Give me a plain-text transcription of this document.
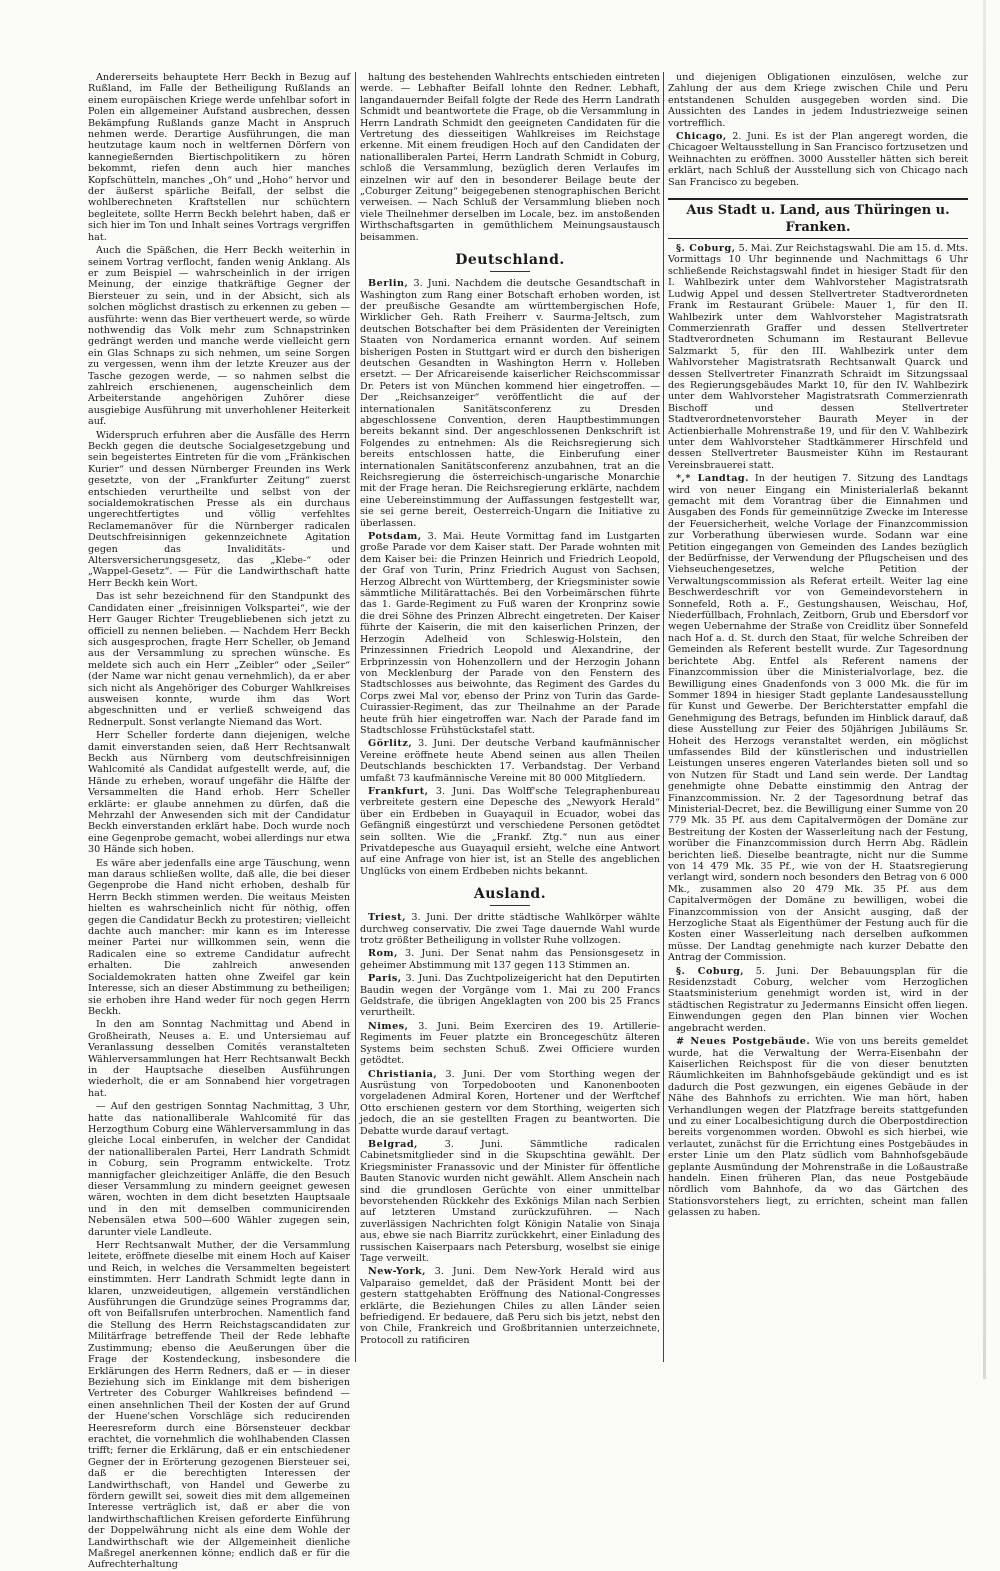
Andererseits behauptete Herr Beckh in Bezug auf Rußland, im Falle der Betheiligung Rußlands an einem europäischen Kriege werde unfehlbar sofort in Polen ein allgemeiner Aufstand ausbrechen, dessen Bekämpfung Rußlands ganze Macht in Anspruch nehmen werde. Derartige Ausführungen, die man heutzutage kaum noch in weltfernen Dörfern von kannegießernden Biertischpolitikern zu hören bekommt, riefen denn auch hier manches Kopfschütteln, manches „Oh“ und „Hoho“ hervor und der äußerst spärliche Beifall, der selbst die wohlberechneten Kraftstellen nur schüchtern begleitete, sollte Herrn Beckh belehrt haben, daß er sich hier im Ton und Inhalt seines Vortrags vergriffen hat.

Auch die Späßchen, die Herr Beckh weiterhin in seinem Vortrag verflocht, fanden wenig Anklang. Als er zum Beispiel — wahrscheinlich in der irrigen Meinung, der einzige thatkräftige Gegner der Biersteuer zu sein, und in der Absicht, sich als solchen möglichst drastisch zu erkennen zu geben — ausführte: wenn das Bier vertheuert werde, so würde nothwendig das Volk mehr zum Schnapstrinken gedrängt werden und manche werde vielleicht gern ein Glas Schnaps zu sich nehmen, um seine Sorgen zu vergessen, wenn ihm der letzte Kreuzer aus der Tasche gezogen werde, — so nahmen selbst die zahlreich erschienenen, augenscheinlich dem Arbeiterstande angehörigen Zuhörer diese ausgiebige Ausführung mit unverhohlener Heiterkeit auf.

Widerspruch erfuhren aber die Ausfälle des Herrn Beckh gegen die deutsche Socialgesetzgebung und sein begeistertes Eintreten für die vom „Fränkischen Kurier“ und dessen Nürnberger Freunden ins Werk gesetzte, von der „Frankfurter Zeitung“ zuerst entschieden verurtheilte und selbst von der socialdemokratischen Presse als ein durchaus ungerechtfertigtes und völlig verfehltes Reclamemanöver für die Nürnberger radicalen Deutschfreisinnigen gekennzeichnete Agitation gegen das Invaliditäts- und Altersversicherungsgesetz, das „Klebe-“ oder „Wappel-Gesetz“. — Für die Landwirthschaft hatte Herr Beckh kein Wort.

Das ist sehr bezeichnend für den Standpunkt des Candidaten einer „freisinnigen Volkspartei“, wie der Herr Gauger Richter Treugebliebenen sich jetzt zu officiell zu nennen belieben. — Nachdem Herr Beckh sich ausgesprochen, fragte Herr Scheller, ob Jemand aus der Versammlung zu sprechen wünsche. Es meldete sich auch ein Herr „Zeibler“ oder „Seiler“ (der Name war nicht genau vernehmlich), da er aber sich nicht als Angehöriger des Coburger Wahlkreises ausweisen konnte, wurde ihm das Wort abgeschnitten und er verließ schweigend das Rednerpult. Sonst verlangte Niemand das Wort.

Herr Scheller forderte dann diejenigen, welche damit einverstanden seien, daß Herr Rechtsanwalt Beckh aus Nürnberg vom deutschfreisinnigen Wahlcomité als Candidat aufgestellt werde, auf, die Hände zu erheben, worauf ungefähr die Hälfte der Versammelten die Hand erhob. Herr Scheller erklärte: er glaube annehmen zu dürfen, daß die Mehrzahl der Anwesenden sich mit der Candidatur Beckh einverstanden erklärt habe. Doch wurde noch eine Gegenprobe gemacht, wobei allerdings nur etwa 30 Hände sich hoben.

Es wäre aber jedenfalls eine arge Täuschung, wenn man daraus schließen wollte, daß alle, die bei dieser Gegenprobe die Hand nicht erhoben, deshalb für Herrn Beckh stimmen werden. Die weitaus Meisten hielten es wahrscheinlich nicht für nöthig, offen gegen die Candidatur Beckh zu protestiren; vielleicht dachte auch mancher: mir kann es im Interesse meiner Partei nur willkommen sein, wenn die Radicalen eine so extreme Candidatur aufrecht erhalten. Die zahlreich anwesenden Socialdemokraten hatten ohne Zweifel gar kein Interesse, sich an dieser Abstimmung zu betheiligen; sie erhoben ihre Hand weder für noch gegen Herrn Beckh.

In den am Sonntag Nachmittag und Abend in Großheirath, Neuses a. E. und Untersiemau auf Veranlassung desselben Comités veranstalteten Wählerversammlungen hat Herr Rechtsanwalt Beckh in der Hauptsache dieselben Ausführungen wiederholt, die er am Sonnabend hier vorgetragen hat.

— Auf den gestrigen Sonntag Nachmittag, 3 Uhr, hatte das nationalliberale Wahlcomité für das Herzogthum Coburg eine Wählerversammlung in das gleiche Local einberufen, in welcher der Candidat der nationalliberalen Partei, Herr Landrath Schmidt in Coburg, sein Programm entwickelte. Trotz mannigfacher gleichzeitiger Anläffe, die den Besuch dieser Versammlung zu mindern geeignet gewesen wären, wochten in dem dicht besetzten Hauptsaale und in den mit demselben communicirenden Nebensälen etwa 500—600 Wähler zugegen sein, darunter viele Landleute.

Herr Rechtsanwalt Muther, der die Versammlung leitete, eröffnete dieselbe mit einem Hoch auf Kaiser und Reich, in welches die Versammelten begeistert einstimmten. Herr Landrath Schmidt legte dann in klaren, unzweideutigen, allgemein verständlichen Ausführungen die Grundzüge seines Programms dar, oft von Beifallsrufen unterbrochen. Namentlich fand die Stellung des Herrn Reichstagscandidaten zur Militärfrage betreffende Theil der Rede lebhafte Zustimmung; ebenso die Aeußerungen über die Frage der Kostendeckung, insbesondere die Erklärungen des Herrn Redners, daß er — in dieser Beziehung sich im Einklange mit dem bisherigen Vertreter des Coburger Wahlkreises befindend — einen ansehnlichen Theil der Kosten der auf Grund der Huene'schen Vorschläge sich reducirenden Heeresreform durch eine Börsensteuer deckbar erachtet, die vornehmlich die wohlhabenden Classen trifft; ferner die Erklärung, daß er ein entschiedener Gegner der in Erörterung gezogenen Biersteuer sei, daß er die berechtigten Interessen der Landwirthschaft, von Handel und Gewerbe zu fördern gewillt sei, soweit dies mit dem allgemeinen Interesse verträglich ist, daß er aber die von landwirthschaftlichen Kreisen geforderte Einführung der Doppelwährung nicht als eine dem Wohle der Landwirthschaft wie der Allgemeinheit dienliche Maßregel anerkennen könne; endlich daß er für die Aufrechterhaltung

haltung des bestehenden Wahlrechts entschieden eintreten werde. — Lebhafter Beifall lohnte den Redner. Lebhaft, langandauernder Beifall folgte der Rede des Herrn Landrath Schmidt und beantwortete die Frage, ob die Versammlung in Herrn Landrath Schmidt den geeigneten Candidaten für die Vertretung des diesseitigen Wahlkreises im Reichstage erkenne. Mit einem freudigen Hoch auf den Candidaten der nationalliberalen Partei, Herrn Landrath Schmidt in Coburg, schloß die Versammlung, bezüglich deren Verlaufes im einzelnen wir auf den in besonderer Beilage beute der „Coburger Zeitung“ beigegebenen stenographischen Bericht verweisen. — Nach Schluß der Versammlung blieben noch viele Theilnehmer derselben im Locale, bez. im anstoßenden Wirthschaftsgarten in gemüthlichem Meinungsaustausch beisammen.

Deutschland.

Berlin, 3. Juni. Nachdem die deutsche Gesandtschaft in Washington zum Rang einer Botschaft erhoben worden, ist der preußische Gesandte am württembergischen Hofe, Wirklicher Geh. Rath Freiherr v. Saurma-Jeltsch, zum deutschen Botschafter bei dem Präsidenten der Vereinigten Staaten von Nordamerica ernannt worden. Auf seinem bisherigen Posten in Stuttgart wird er durch den bisherigen deutschen Gesandten in Washington Herrn v. Holleben ersetzt. — Der Africareisende kaiserlicher Reichscommissar Dr. Peters ist von München kommend hier eingetroffen. — Der „Reichsanzeiger“ veröffentlicht die auf der internationalen Sanitätsconferenz zu Dresden abgeschlossene Convention, deren Hauptbestimmungen bereits bekannt sind. Der angeschlossenen Denkschrift ist Folgendes zu entnehmen: Als die Reichsregierung sich bereits entschlossen hatte, die Einberufung einer internationalen Sanitätsconferenz anzubahnen, trat an die Reichsregierung die österreichisch-ungarische Monarchie mit der Frage heran. Die Reichsregierung erklärte, nachdem eine Uebereinstimmung der Auffassungen festgestellt war, sie sei gerne bereit, Oesterreich-Ungarn die Initiative zu überlassen.

Potsdam, 3. Mai. Heute Vormittag fand im Lustgarten große Parade vor dem Kaiser statt. Der Parade wohnten mit dem Kaiser bei: die Prinzen Heinrich und Friedrich Leopold, der Graf von Turin, Prinz Friedrich August von Sachsen, Herzog Albrecht von Württemberg, der Kriegsminister sowie sämmtliche Militärattachés. Bei den Vorbeimärschen führte das 1. Garde-Regiment zu Fuß waren der Kronprinz sowie die drei Söhne des Prinzen Albrecht eingetreten. Der Kaiser führte der Kaiserin, die mit den kaiserlichen Prinzen, der Herzogin Adelheid von Schleswig-Holstein, den Prinzessinnen Friedrich Leopold und Alexandrine, der Erbprinzessin von Hohenzollern und der Herzogin Johann von Mecklenburg der Parade von den Fenstern des Stadtschlosses aus beiwohnte, das Regiment des Gardes du Corps zwei Mal vor, ebenso der Prinz von Turin das Garde-Cuirassier-Regiment, das zur Theilnahme an der Parade heute früh hier eingetroffen war. Nach der Parade fand im Stadtschlosse Frühstückstafel statt.

Görlitz, 3. Juni. Der deutsche Verband kaufmännischer Vereine eröffnete heute Abend seinen aus allen Theilen Deutschlands beschickten 17. Verbandstag. Der Verband umfaßt 73 kaufmännische Vereine mit 80 000 Mitgliedern.

Frankfurt, 3. Juni. Das Wolff'sche Telegraphenbureau verbreitete gestern eine Depesche des „Newyork Herald“ über ein Erdbeben in Guayaquil in Ecuador, wobei das Gefängniß eingestürzt und verschiedene Personen getödtet sein sollten. Wie die „Frankf. Ztg.“ nun aus einer Privatdepesche aus Guayaquil ersieht, welche eine Antwort auf eine Anfrage von hier ist, ist an Stelle des angeblichen Unglücks von einem Erdbeben nichts bekannt.

Ausland.

Triest, 3. Juni. Der dritte städtische Wahlkörper wählte durchweg conservativ. Die zwei Tage dauernde Wahl wurde trotz größter Betheiligung in vollster Ruhe vollzogen.

Rom, 3. Juni. Der Senat nahm das Pensionsgesetz in geheimer Abstimmung mit 137 gegen 113 Stimmen an.

Paris, 3. Juni. Das Zuchtpolizeigericht hat den Deputirten Baudin wegen der Vorgänge vom 1. Mai zu 200 Francs Geldstrafe, die übrigen Angeklagten von 200 bis 25 Francs verurtheilt.

Nimes, 3. Juni. Beim Exerciren des 19. Artillerie-Regiments im Feuer platzte ein Broncegeschütz älteren Systems beim sechsten Schuß. Zwei Officiere wurden getödtet.

Christiania, 3. Juni. Der vom Storthing wegen der Ausrüstung von Torpedobooten und Kanonenbooten vorgeladenen Admiral Koren, Hortener und der Werftchef Otto erschienen gestern vor dem Storthing, weigerten sich jedoch, die an sie gestellten Fragen zu beantworten. Die Debatte wurde darauf vertagt.

Belgrad, 3. Juni. Sämmtliche radicalen Cabinetsmitglieder sind in die Skupschtina gewählt. Der Kriegsminister Franassovic und der Minister für öffentliche Bauten Stanovic wurden nicht gewählt. Allem Anschein nach sind die grundlosen Gerüchte von einer unmittelbar bevorstehenden Rückkehr des Exkönigs Milan nach Serbien auf letzteren Umstand zurückzuführen. — Nach zuverlässigen Nachrichten folgt Königin Natalie von Sinaja aus, ebwe sie nach Biarritz zurückkehrt, einer Einladung des russischen Kaiserpaars nach Petersburg, woselbst sie einige Tage verweilt.

New-York, 3. Juni. Dem New-York Herald wird aus Valparaiso gemeldet, daß der Präsident Montt bei der gestern stattgehabten Eröffnung des National-Congresses erklärte, die Beziehungen Chiles zu allen Länder seien befriedigend. Er bedauere, daß Peru sich bis jetzt, nebst den von Chile, Frankreich und Großbritannien unterzeichnete, Protocoll zu ratificiren

und diejenigen Obligationen einzulösen, welche zur Zahlung der aus dem Kriege zwischen Chile und Peru entstandenen Schulden ausgegeben worden sind. Die Aussichten des Landes in jedem Industriezweige seinen vortrefflich.

Chicago, 2. Juni. Es ist der Plan angeregt worden, die Chicagoer Weltausstellung in San Francisco fortzusetzen und Weihnachten zu eröffnen. 3000 Aussteller hätten sich bereit erklärt, nach Schluß der Ausstellung sich von Chicago nach San Francisco zu begeben.

Aus Stadt u. Land, aus Thüringen u. Franken.

§. Coburg, 5. Mai. Zur Reichstagswahl. Die am 15. d. Mts. Vormittags 10 Uhr beginnende und Nachmittags 6 Uhr schließende Reichstagswahl findet in hiesiger Stadt für den I. Wahlbezirk unter dem Wahlvorsteher Magistratsrath Ludwig Appel und dessen Stellvertreter Stadtverordneten Frank im Restaurant Grübele: Mauer 1, für den II. Wahlbezirk unter dem Wahlvorsteher Magistratsrath Commerzienrath Graffer und dessen Stellvertreter Stadtverordneten Schumann im Restaurant Bellevue Salzmarkt 5, für den III. Wahlbezirk unter dem Wahlvorsteher Magistratsrath Rechtsanwalt Quarck und dessen Stellvertreter Finanzrath Schraidt im Sitzungssaal des Regierungsgebäudes Markt 10, für den IV. Wahlbezirk unter dem Wahlvorsteher Magistratsrath Commerzienrath Bischoff und dessen Stellvertreter Stadtverordnetenvorsteher Baurath Meyer in der Actienbierhalle Mohrenstraße 19, und für den V. Wahlbezirk unter dem Wahlvorsteher Stadtkämmerer Hirschfeld und dessen Stellvertreter Bausmeister Kühn im Restaurant Vereinsbrauerei statt.

*,* Landtag. In der heutigen 7. Sitzung des Landtags wird von neuer Eingang ein Ministerialerlaß bekannt gemacht mit dem Vorantrag über die Einnahmen und Ausgaben des Fonds für gemeinnützige Zwecke im Interesse der Feuersicherheit, welche Vorlage der Finanzcommission zur Vorberathung überwiesen wurde. Sodann war eine Petition eingegangen von Gemeinden des Landes bezüglich der Bedürfnisse, der Verwendung der Pflugscheisen und des Viehseuchengesetzes, welche Petition der Verwaltungscommission als Referat erteilt. Weiter lag eine Beschwerdeschrift vor von Gemeindevorstehern in Sonnefeld, Roth a. F., Gestungshausen, Weischau, Hof, Niederfüllbach, Frohnlach, Zeitborn, Grub und Ebersdorf vor wegen Uebernahme der Straße von Creidlitz über Sonnefeld nach Hof a. d. St. durch den Staat, für welche Schreiben der Gemeinden als Referent bestellt wurde. Zur Tagesordnung berichtete Abg. Entfel als Referent namens der Finanzcommission über die Ministerialvorlage, bez. die Bewilligung eines Gnadenfonds von 3 000 Mk. die für im Sommer 1894 in hiesiger Stadt geplante Landesausstellung für Kunst und Gewerbe. Der Berichterstatter empfahl die Genehmigung des Betrags, befunden im Hinblick darauf, daß diese Ausstellung zur Feier des 50jährigen Jubiläums Sr. Hoheit des Herzogs veranstaltet werden, ein möglichst umfassendes Bild der künstlerischen und industriellen Leistungen unseres engeren Vaterlandes bieten soll und so von Nutzen für Stadt und Land sein werde. Der Landtag genehmigte ohne Debatte einstimmig den Antrag der Finanzcommission. Nr. 2 der Tagesordnung betraf das Ministerial-Decret, bez. die Bewilligung einer Summe von 20 779 Mk. 35 Pf. aus dem Capitalvermögen der Domäne zur Bestreitung der Kosten der Wasserleitung nach der Festung, worüber die Finanzcommission durch Herrn Abg. Rädlein berichten ließ. Dieselbe beantragte, nicht nur die Summe von 14 479 Mk. 35 Pf., wie von der H. Staatsregierung verlangt wird, sondern noch besonders den Betrag von 6 000 Mk., zusammen also 20 479 Mk. 35 Pf. aus dem Capitalvermögen der Domäne zu bewilligen, wobei die Finanzcommission von der Ansicht ausging, daß der Herzogliche Staat als Eigenthümer der Festung auch für die Kosten einer Wasserleitung nach derselben aufkommen müsse. Der Landtag genehmigte nach kurzer Debatte den Antrag der Commission.

§. Coburg, 5. Juni. Der Bebauungsplan für die Residenzstadt Coburg, welcher vom Herzoglichen Staatsministerium genehmigt worden ist, wird in der städtischen Registratur zu Jedermanns Einsicht offen liegen. Einwendungen gegen den Plan binnen vier Wochen angebracht werden.

# Neues Postgebäude. Wie von uns bereits gemeldet wurde, hat die Verwaltung der Werra-Eisenbahn der Kaiserlichen Reichspost für die von dieser benutzten Räumlichkeiten im Bahnhofsgebäude gekündigt und es ist dadurch die Post gezwungen, ein eigenes Gebäude in der Nähe des Bahnhofs zu errichten. Wie man hört, haben Verhandlungen wegen der Platzfrage bereits stattgefunden und zu einer Localbesichtigung durch die Oberpostdirection bereits vorgenommen worden. Obwohl es sich hierbei, wie verlautet, zunächst für die Errichtung eines Postgebäudes in erster Linie um den Platz südlich vom Bahnhofsgebäude geplante Ausmündung der Mohrenstraße in die Loßaustraße handeln. Einen früheren Plan, das neue Postgebäude nördlich vom Bahnhofe, da wo das Gärtchen des Stationsvorstehers liegt, zu errichten, scheint man fallen gelassen zu haben.
